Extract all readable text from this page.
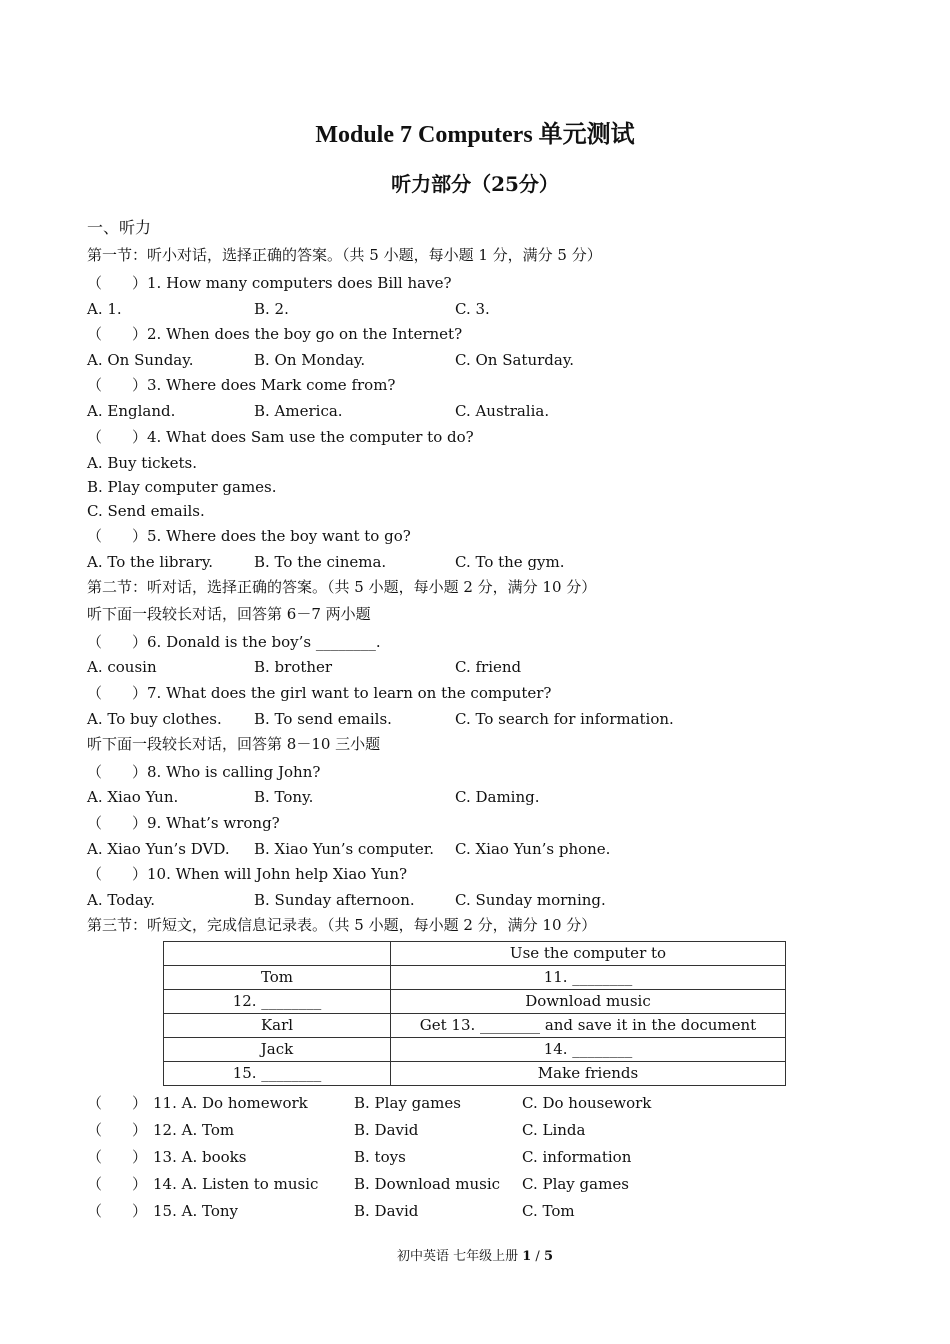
Module 7 Computers 单元测试
听力部分（25分）
一、听力
第一节：听小对话，选择正确的答案。（共 5 小题，每小题 1 分，满分 5 分）
（　　） 1. How many computers does Bill have?
A. 1.	B. 2.	C. 3.
（　　） 2. When does the boy go on the Internet?
A. On Sunday.	B. On Monday.	C. On Saturday.
（　　） 3. Where does Mark come from?
A. England.	B. America.	C. Australia.
（　　） 4. What does Sam use the computer to do?
A. Buy tickets.
B. Play computer games.
C. Send emails.
（　　） 5. Where does the boy want to go?
A. To the library.	B. To the cinema.	C. To the gym.
第二节：听对话，选择正确的答案。（共 5 小题，每小题 2 分，满分 10 分）
听下面一段较长对话，回答第 6－7 两小题
（　　） 6. Donald is the boy’s ________.
A. cousin	B. brother	C. friend
（　　） 7. What does the girl want to learn on the computer?
A. To buy clothes. B. To send emails.	C. To search for information.
听下面一段较长对话，回答第 8－10 三小题
（　　） 8. Who is calling John?
A. Xiao Yun.	B. Tony.	C. Daming.
（　　） 9. What’s wrong?
A. Xiao Yun’s DVD. B. Xiao Yun’s computer. C. Xiao Yun’s phone.
（　　） 10. When will John help Xiao Yun?
A. Today.	B. Sunday afternoon.	C. Sunday morning.
第三节：听短文，完成信息记录表。（共 5 小题，每小题 2 分，满分 10 分）
	Use the computer to
Tom	11. ________
12. ________	Download music
Karl	Get 13. ________ and save it in the document
Jack	14. ________
15. ________	Make friends
（　　） 11. A. Do homework	B. Play games	C. Do housework
（　　） 12. A. Tom	B. David	C. Linda
（　　） 13. A. books	B. toys	C. information
（　　） 14. A. Listen to music B. Download music C. Play games
（　　） 15. A. Tony	B. David	C. Tom
初中英语 七年级上册 1 / 5
